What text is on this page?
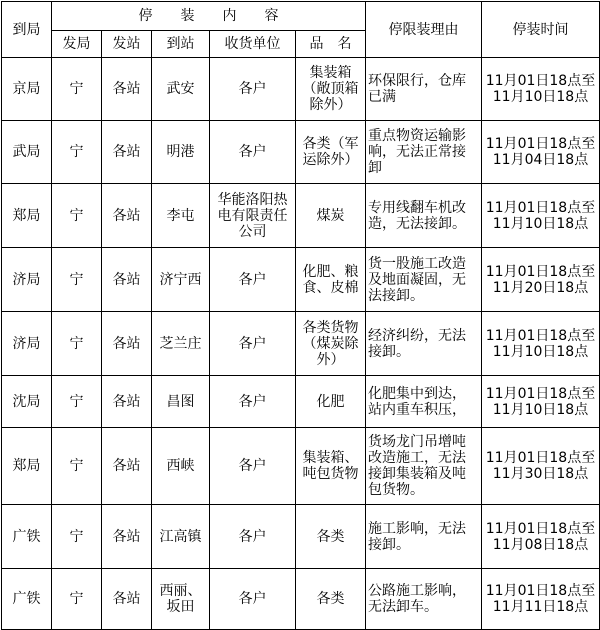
到局	停　　装　　内　　容					停限装理由	停装时间
	发局	发站	到站	收货单位	品　名		
京局	宁	各站	武安	各户	集装箱（敞顶箱除外）	环保限行，仓库已满	11月01日18点至11月10日18点
武局	宁	各站	明港	各户	各类（军运除外）	重点物资运输影响，无法正常接卸	11月01日18点至11月04日18点
郑局	宁	各站	李屯	华能洛阳热电有限责任公司	煤炭	专用线翻车机改造，无法接卸。	11月01日18点至11月10日18点
济局	宁	各站	济宁西	各户	化肥、粮食、皮棉	货一股施工改造及地面凝固，无法接卸。	11月01日18点至11月20日18点
济局	宁	各站	芝兰庄	各户	各类货物（煤炭除外）	经济纠纷，无法接卸。	11月01日18点至11月10日18点
沈局	宁	各站	昌图	各户	化肥	化肥集中到达，站内重车积压，	11月01日18点至11月10日18点
郑局	宁	各站	西峡	各户	集装箱、吨包货物	货场龙门吊增吨改造施工，无法接卸集装箱及吨包货物。	11月01日18点至11月30日18点
广铁	宁	各站	江高镇	各户	各类	施工影响，无法接卸。	11月01日18点至11月08日18点
广铁	宁	各站	西丽、坂田	各户	各类	公路施工影响，无法卸车。	11月01日18点至11月11日18点
